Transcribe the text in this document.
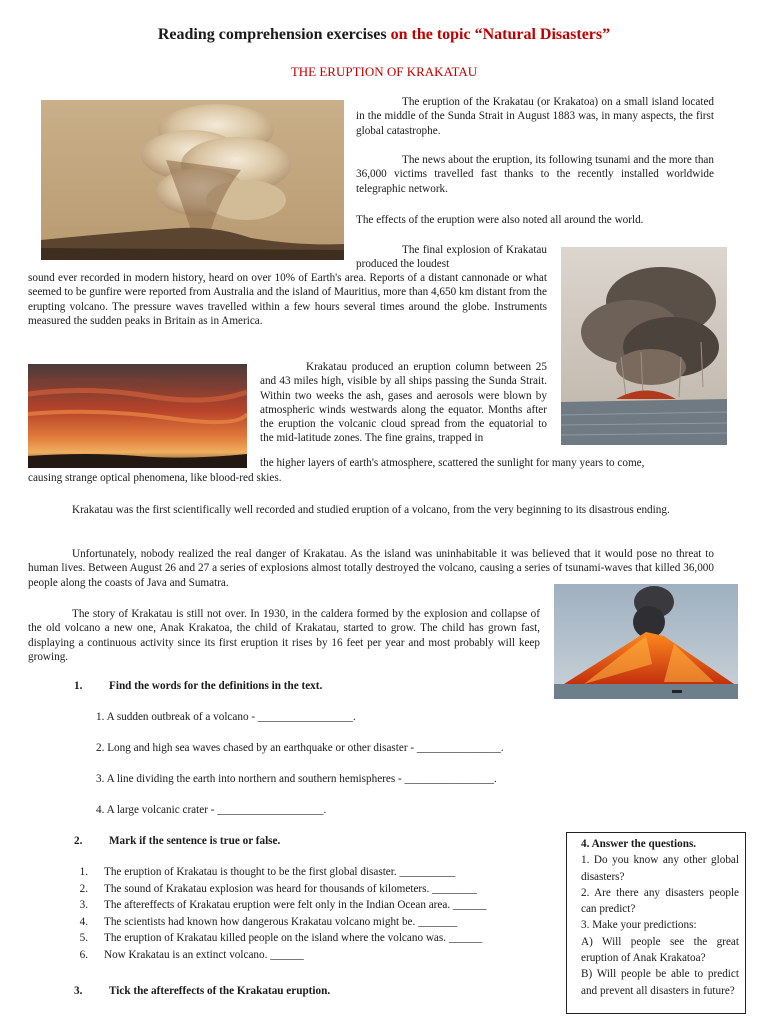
Reading comprehension exercises on the topic “Natural Disasters”
THE ERUPTION OF KRAKATAU

The eruption of the Krakatau (or Krakatoa) on a small island located in the middle of the Sunda Strait in August 1883 was, in many aspects, the first global catastrophe.

The news about the eruption, its following tsunami and the more than 36,000 victims travelled fast thanks to the recently installed worldwide telegraphic network.

The effects of the eruption were also noted all around the world.

The final explosion of Krakatau produced the loudest

sound ever recorded in modern history, heard on over 10% of Earth's area. Reports of a distant cannonade or what seemed to be gunfire were reported from Australia and the island of Mauritius, more than 4,650 km distant from the erupting volcano. The pressure waves travelled within a few hours several times around the globe. Instruments measured the sudden peaks in Britain as in America.

Krakatau produced an eruption column between 25 and 43 miles high, visible by all ships passing the Sunda Strait. Within two weeks the ash, gases and aerosols were blown by atmospheric winds westwards along the equator. Months after the eruption the volcanic cloud spread from the equatorial to the mid-latitude zones. The fine grains, trapped in

the higher layers of earth's atmosphere, scattered the sunlight for many years to come,

causing strange optical phenomena, like blood-red skies.

Krakatau was the first scientifically well recorded and studied eruption of a volcano, from the very beginning to its disastrous ending.

Unfortunately, nobody realized the real danger of Krakatau. As the island was uninhabitable it was believed that it would pose no threat to human lives. Between August 26 and 27 a series of explosions almost totally destroyed the volcano, causing a series of tsunami-waves that killed 36,000 people along the coasts of Java and Sumatra.

The story of Krakatau is still not over. In 1930, in the caldera formed by the explosion and collapse of the old volcano a new one, Anak Krakatoa, the child of Krakatau, started to grow. The child has grown fast, displaying a continuous activity since its first eruption it rises by 16 feet per year and most probably will keep growing.

1. Find the words for the definitions in the text.
1. A sudden outbreak of a volcano - _________________.
2. Long and high sea waves chased by an earthquake or other disaster - _______________.
3. A line dividing the earth into northern and southern hemispheres - ________________.
4. A large volcanic crater - ___________________.
2. Mark if the sentence is true or false.
1. The eruption of Krakatau is thought to be the first global disaster. __________
2. The sound of Krakatau explosion was heard for thousands of kilometers. ________
3. The aftereffects of Krakatau eruption were felt only in the Indian Ocean area. ______
4. The scientists had known how dangerous Krakatau volcano might be. _______
5. The eruption of Krakatau killed people on the island where the volcano was. ______
6. Now Krakatau is an extinct volcano. ______
3. Tick the aftereffects of the Krakatau eruption.

4. Answer the questions.

1. Do you know any other global disasters?

2. Are there any disasters people can predict?

3. Make your predictions:

A) Will people see the great eruption of Anak Krakatoa?

B) Will people be able to predict and prevent all disasters in future?
